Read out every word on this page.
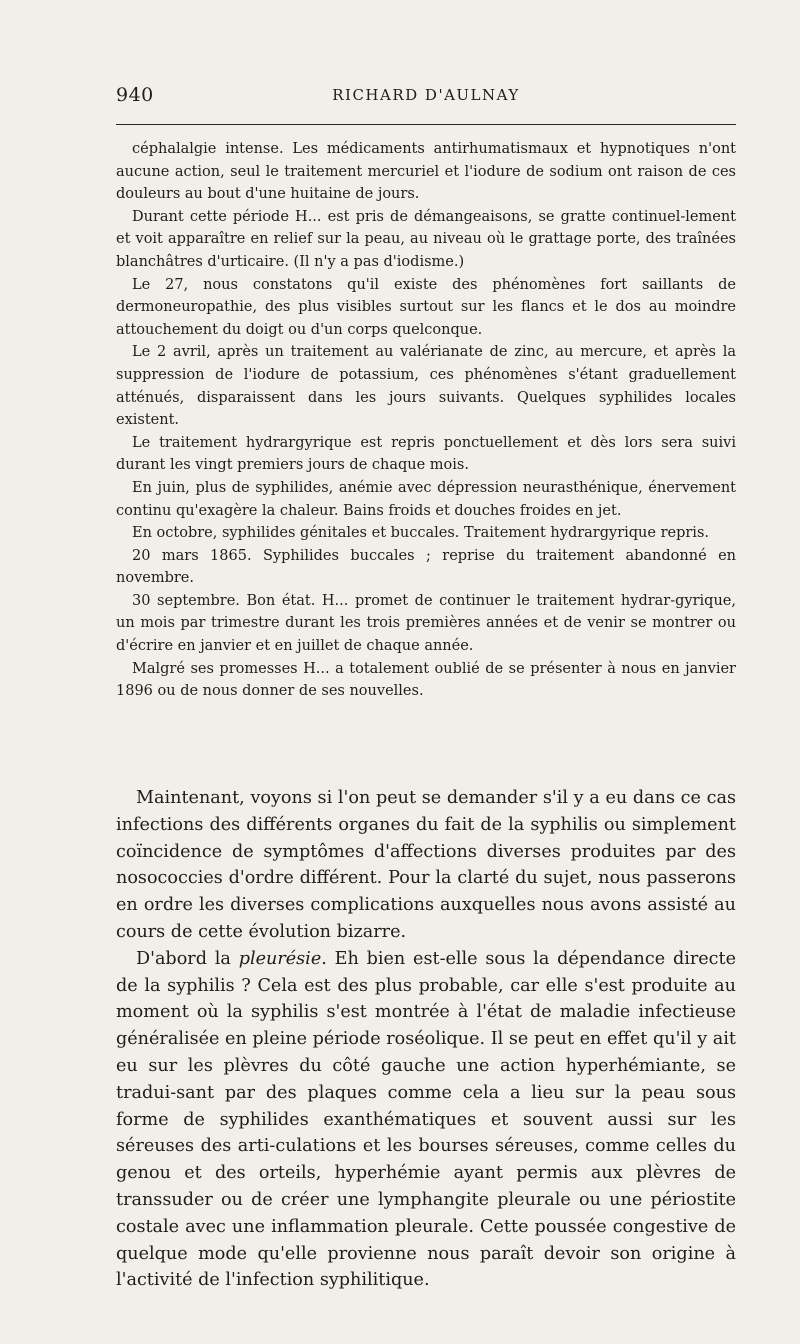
940	RICHARD D'AULNAY

céphalalgie intense. Les médicaments antirhumatismaux et hypnotiques n'ont aucune action, seul le traitement mercuriel et l'iodure de sodium ont raison de ces douleurs au bout d'une huitaine de jours.

Durant cette période H... est pris de démangeaisons, se gratte continuel-lement et voit apparaître en relief sur la peau, au niveau où le grattage porte, des traînées blanchâtres d'urticaire. (Il n'y a pas d'iodisme.)

Le 27, nous constatons qu'il existe des phénomènes fort saillants de dermoneuropathie, des plus visibles surtout sur les flancs et le dos au moindre attouchement du doigt ou d'un corps quelconque.

Le 2 avril, après un traitement au valérianate de zinc, au mercure, et après la suppression de l'iodure de potassium, ces phénomènes s'étant graduellement atténués, disparaissent dans les jours suivants. Quelques syphilides locales existent.

Le traitement hydrargyrique est repris ponctuellement et dès lors sera suivi durant les vingt premiers jours de chaque mois.

En juin, plus de syphilides, anémie avec dépression neurasthénique, énervement continu qu'exagère la chaleur. Bains froids et douches froides en jet.

En octobre, syphilides génitales et buccales. Traitement hydrargyrique repris.

20 mars 1865. Syphilides buccales ; reprise du traitement abandonné en novembre.

30 septembre. Bon état. H... promet de continuer le traitement hydrar-gyrique, un mois par trimestre durant les trois premières années et de venir se montrer ou d'écrire en janvier et en juillet de chaque année.

Malgré ses promesses H... a totalement oublié de se présenter à nous en janvier 1896 ou de nous donner de ses nouvelles.

Maintenant, voyons si l'on peut se demander s'il y a eu dans ce cas infections des différents organes du fait de la syphilis ou simplement coïncidence de symptômes d'affections diverses produites par des nosococcies d'ordre différent. Pour la clarté du sujet, nous passerons en ordre les diverses complications auxquelles nous avons assisté au cours de cette évolution bizarre.

D'abord la pleurésie. Eh bien est-elle sous la dépendance directe de la syphilis ? Cela est des plus probable, car elle s'est produite au moment où la syphilis s'est montrée à l'état de maladie infectieuse généralisée en pleine période roséolique. Il se peut en effet qu'il y ait eu sur les plèvres du côté gauche une action hyperhémiante, se tradui-sant par des plaques comme cela a lieu sur la peau sous forme de syphilides exanthématiques et souvent aussi sur les séreuses des arti-culations et les bourses séreuses, comme celles du genou et des orteils, hyperhémie ayant permis aux plèvres de transsuder ou de créer une lymphangite pleurale ou une périostite costale avec une inflammation pleurale. Cette poussée congestive de quelque mode qu'elle provienne nous paraît devoir son origine à l'activité de l'infection syphilitique.
